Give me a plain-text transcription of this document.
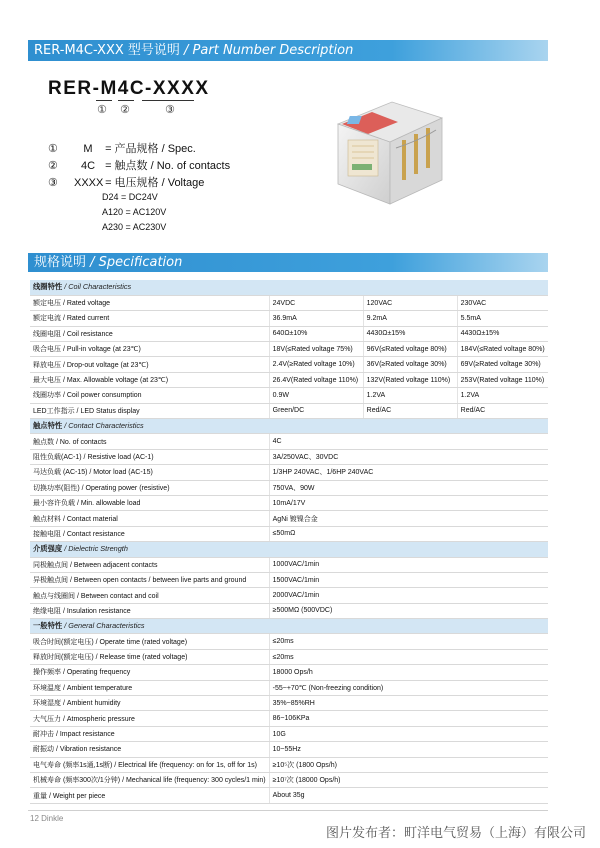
RER-M4C-XXX 型号说明 / Part Number Description
RER-M4C-XXXX
① ②	③
① M = 产品规格 / Spec.
② 4C = 触点数 / No. of contacts
③ XXXX = 电压规格 / Voltage
D24 = DC24V
A120 = AC120V
A230 = AC230V
规格说明 / Specification
线圈特性 / Coil Characteristics			
额定电压 / Rated voltage	24VDC	120VAC	230VAC
额定电流 / Rated current	36.9mA	9.2mA	5.5mA
线圈电阻 / Coil resistance	640Ω±10%	4430Ω±15%	4430Ω±15%
吸合电压 / Pull-in voltage (at 23℃)	18V(≤Rated voltage 75%)	96V(≤Rated voltage 80%)	184V(≤Rated voltage 80%)
释放电压 / Drop-out voltage (at 23℃)	2.4V(≥Rated voltage 10%)	36V(≥Rated voltage 30%)	69V(≥Rated voltage 30%)
最大电压 / Max. Allowable voltage (at 23℃)	26.4V(Rated voltage 110%)	132V(Rated voltage 110%)	253V(Rated voltage 110%)
线圈功率 / Coil power consumption	0.9W	1.2VA	1.2VA
LED工作指示 / LED Status display	Green/DC	Red/AC	Red/AC
触点特性 / Contact Characteristics			
触点数 / No. of contacts	4C		
阻性负载(AC-1) / Resistive load (AC-1)	3A/250VAC、30VDC		
马达负载 (AC-15) / Motor load (AC-15)	1/3HP 240VAC、1/6HP 240VAC		
切换功率(阻性) / Operating power (resistive)	750VA、90W		
最小容许负载 / Min. allowable load	10mA/17V		
触点材料 / Contact material	AgNi 镀镍合金		
接触电阻 / Contact resistance	≤50mΩ		
介质强度 / Dielectric Strength			
同极触点间 / Between adjacent contacts	1000VAC/1min		
异极触点间 / Between open contacts / between live parts and ground	1500VAC/1min		
触点与线圈间 / Between contact and coil	2000VAC/1min		
绝缘电阻 / Insulation resistance	≥500MΩ (500VDC)		
一般特性 / General Characteristics			
吸合时间(额定电压) / Operate time (rated voltage)	≤20ms		
释放时间(额定电压) / Release time (rated voltage)	≤20ms		
操作频率 / Operating frequency	18000 Ops/h		
环境温度 / Ambient temperature	-55~+70℃ (Non-freezing condition)		
环境湿度 / Ambient humidity	35%~85%RH		
大气压力 / Atmospheric pressure	86~106KPa		
耐冲击 / Impact resistance	10G		
耐振动 / Vibration resistance	10~55Hz		
电气寿命 (频率1s通,1s断) / Electrical life (frequency: on for 1s, off for 1s)	≥10⁵次 (1800 Ops/h)		
机械寿命 (频率300次/1分钟) / Mechanical life (frequency: 300 cycles/1 min)	≥10⁷次 (18000 Ops/h)		
重量 / Weight per piece	About 35g		
12 Dinkle
图片发布者：町洋电气贸易（上海）有限公司
